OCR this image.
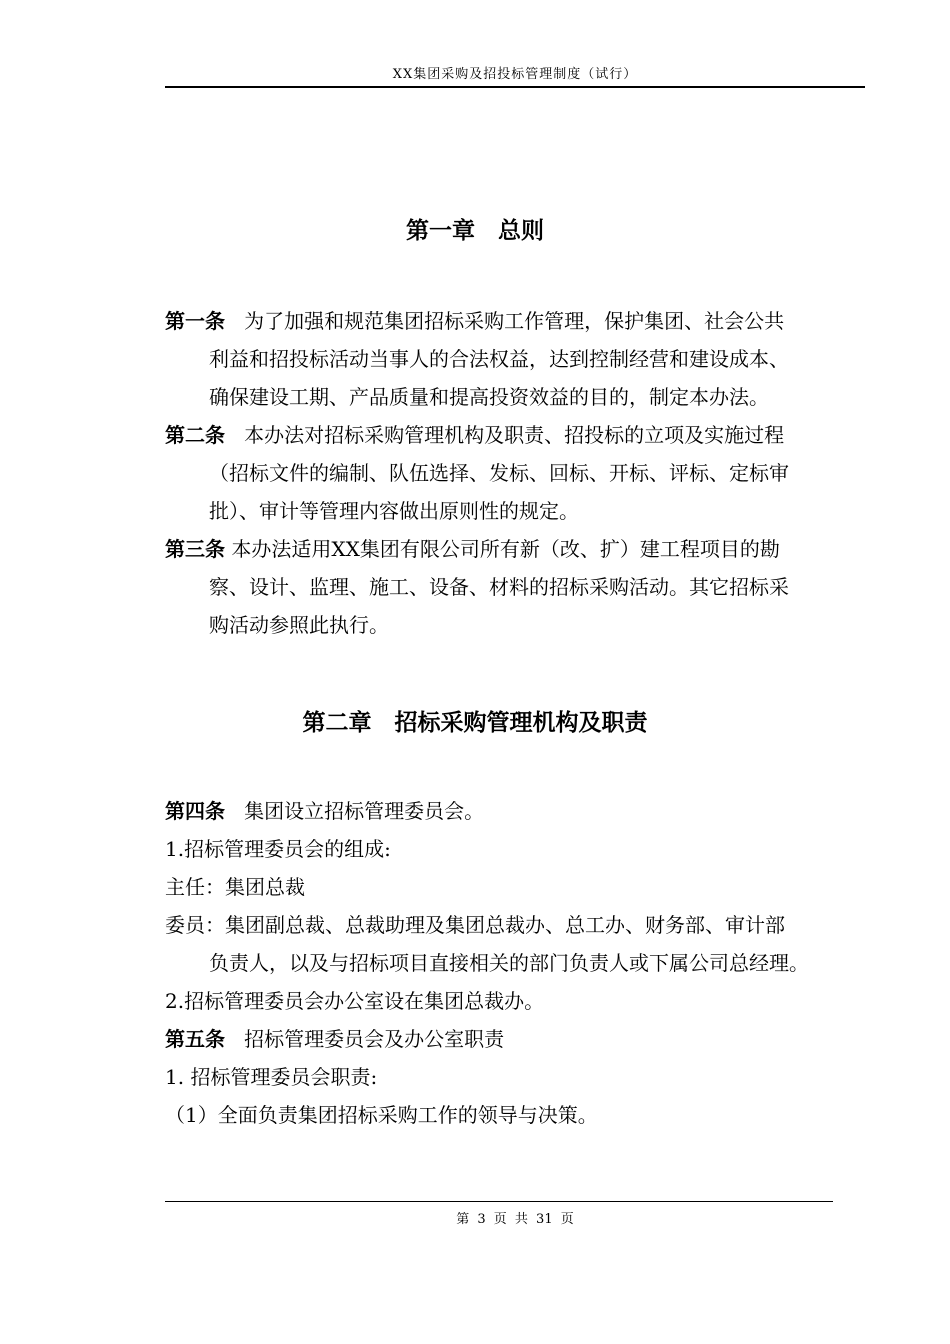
XX集团采购及招投标管理制度（试行）
第一章　总则
第一条 为了加强和规范集团招标采购工作管理，保护集团、社会公共
利益和招投标活动当事人的合法权益，达到控制经营和建设成本、
确保建设工期、产品质量和提高投资效益的目的，制定本办法。
第二条 本办法对招标采购管理机构及职责、招投标的立项及实施过程
（招标文件的编制、队伍选择、发标、回标、开标、评标、定标审
批）、审计等管理内容做出原则性的规定。
第三条 本办法适用XX集团有限公司所有新（改、扩）建工程项目的勘
察、设计、监理、施工、设备、材料的招标采购活动。其它招标采
购活动参照此执行。
第二章　招标采购管理机构及职责
第四条 集团设立招标管理委员会。
1.招标管理委员会的组成:
主任：集团总裁
委员：集团副总裁、总裁助理及集团总裁办、总工办、财务部、审计部
负责人，以及与招标项目直接相关的部门负责人或下属公司总经理。
2.招标管理委员会办公室设在集团总裁办。
第五条 招标管理委员会及办公室职责
1. 招标管理委员会职责:
（1）全面负责集团招标采购工作的领导与决策。
第 3 页 共 31 页
